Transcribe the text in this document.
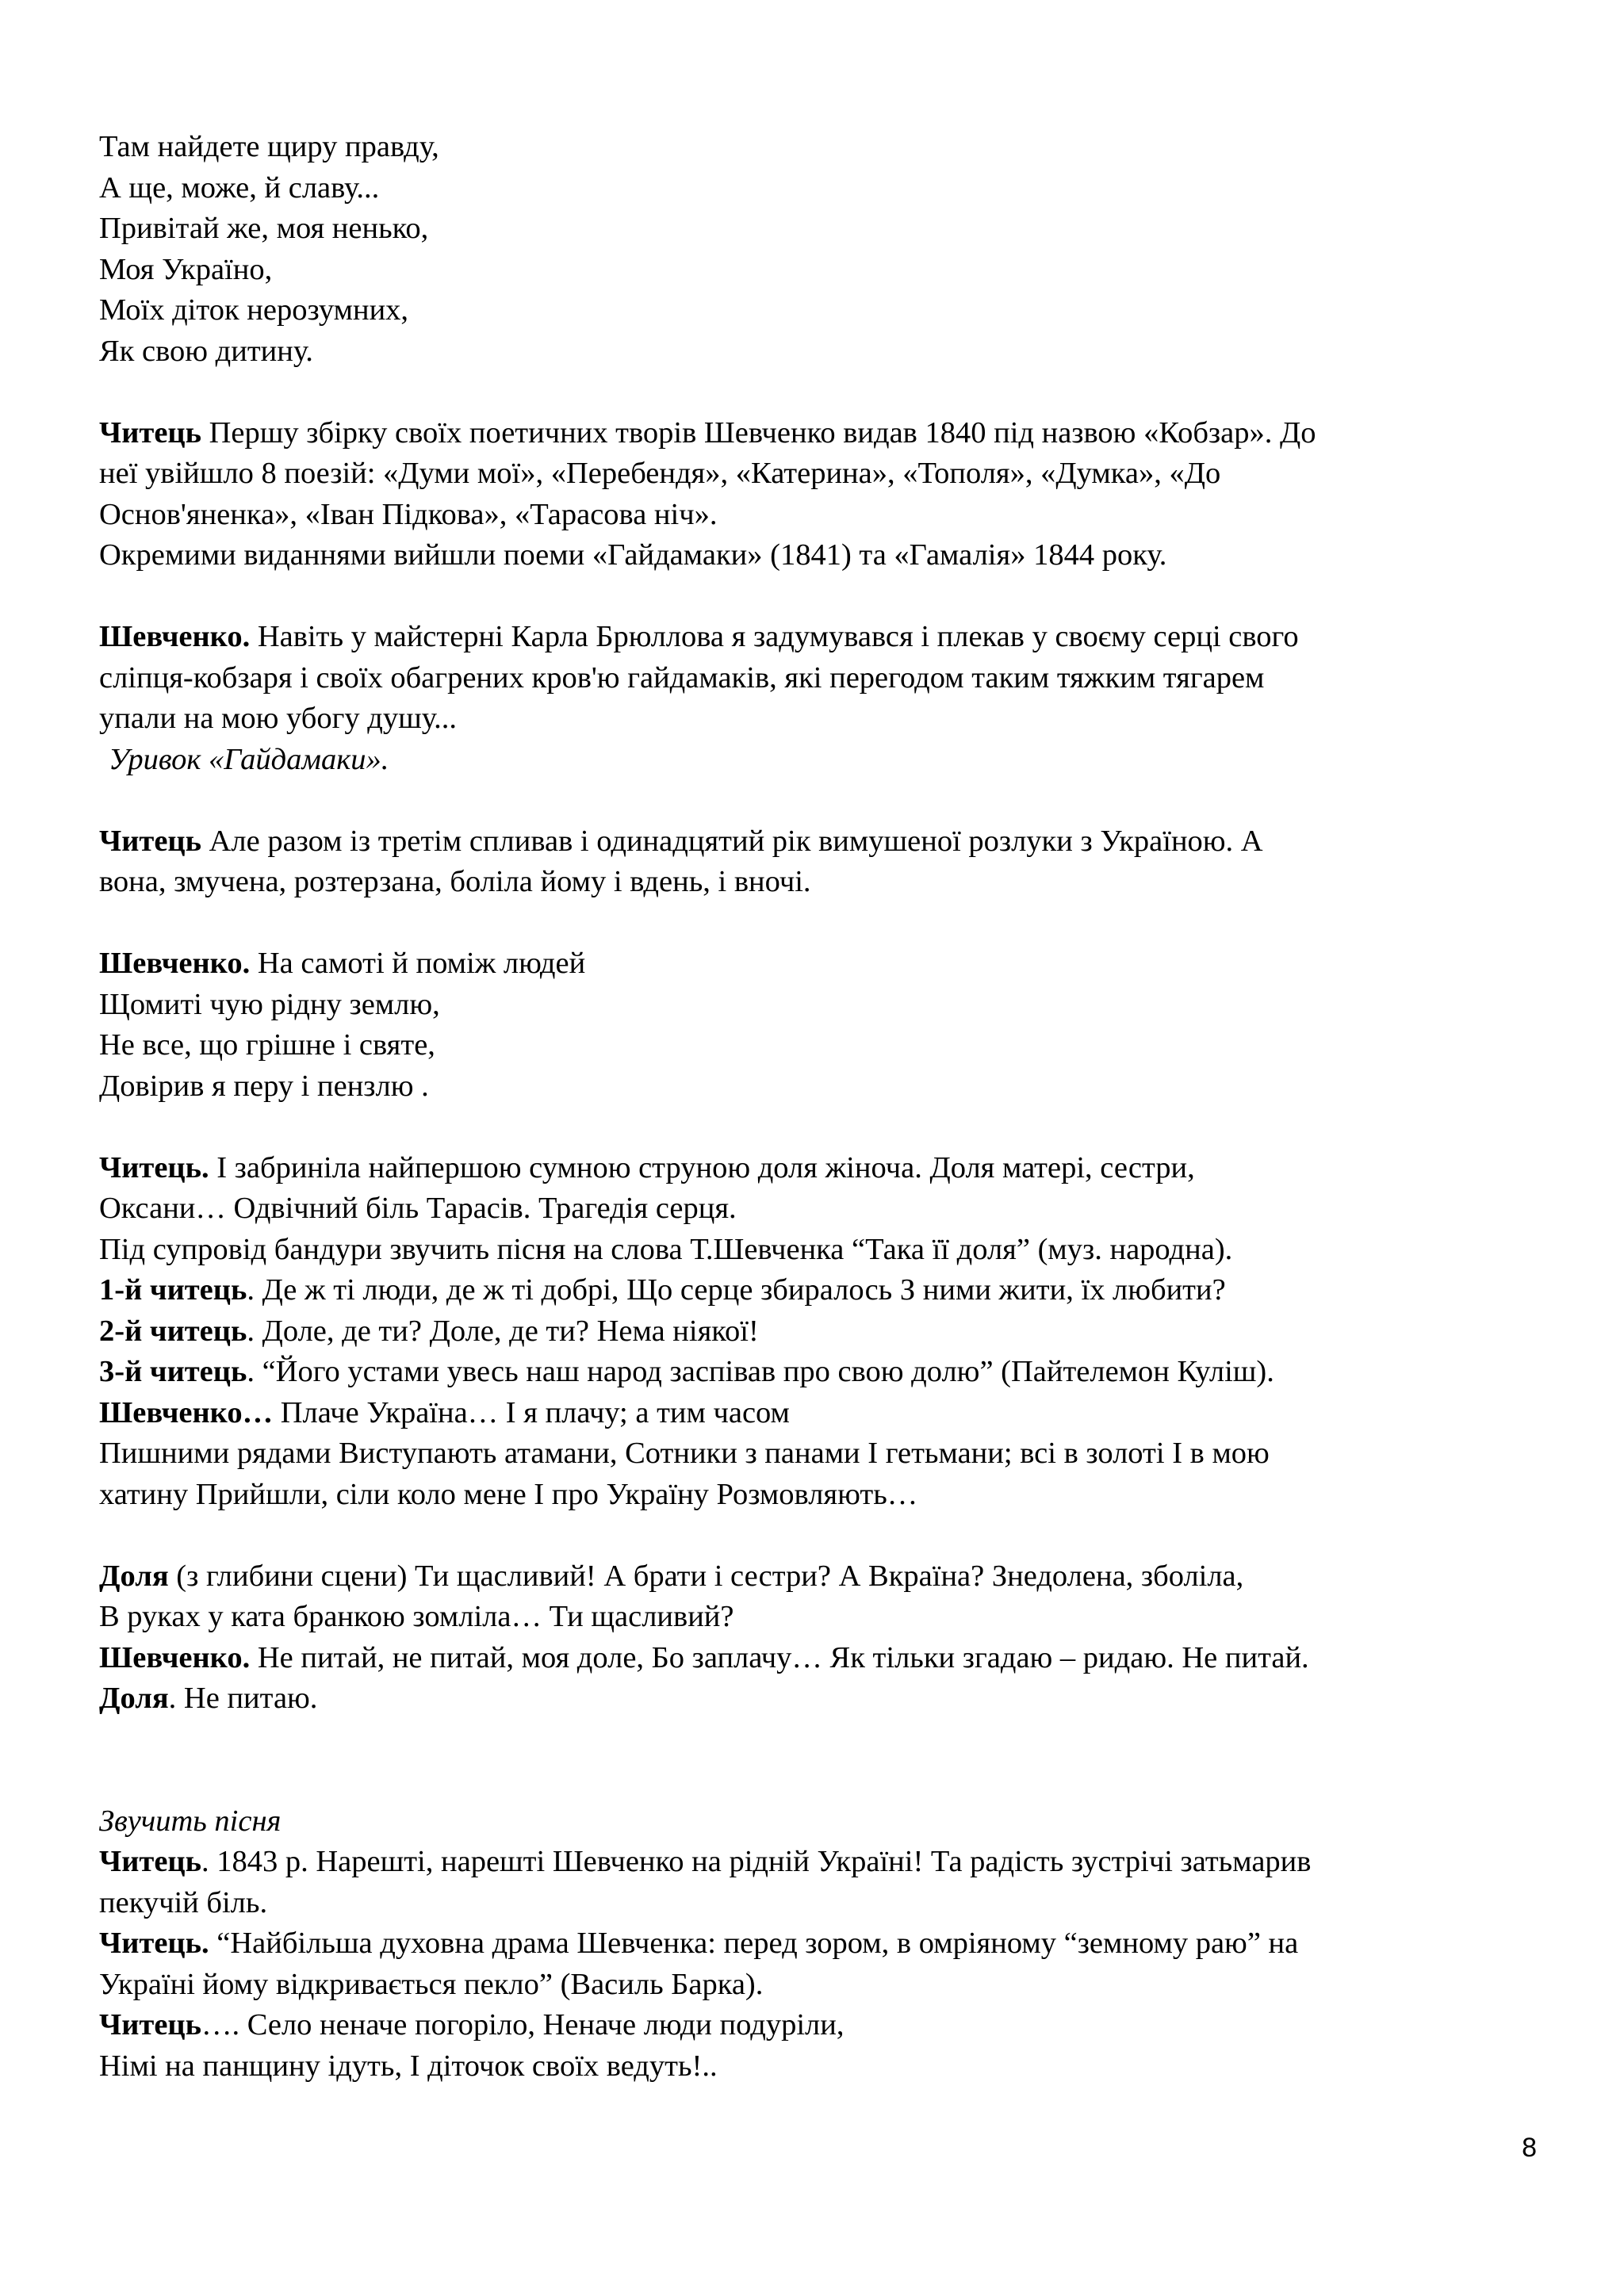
Там найдете щиру правду,
А ще, може, й славу...
Привітай же, моя ненько,
Моя Україно,
Моїх діток нерозумних,
Як свою дитину.
Читець Першу збірку своїх поетичних творів Шевченко видав 1840 під назвою «Кобзар». До
неї увійшло 8 поезій: «Думи мої», «Перебендя», «Катерина», «Тополя», «Думка», «До
Основ'яненка», «Іван Підкова», «Тарасова ніч».
Окремими виданнями вийшли поеми «Гайдамаки» (1841) та «Гамалія» 1844 року.
Шевченко. Навіть у майстерні Карла Брюллова я задумувався і плекав у своєму серці свого
сліпця-кобзаря і своїх обагрених кров'ю гайдамаків, які перегодом таким тяжким тягарем
упали на мою убогу душу...
Уривок «Гайдамаки».
Читець Але разом із третім спливав і одинадцятий рік вимушеної розлуки з Україною. А
вона, змучена, розтерзана, боліла йому і вдень, і вночі.
Шевченко. На самоті й поміж людей
Щомиті чую рідну землю,
Не все, що грішне і святе,
Довірив я перу і пензлю .
Читець. І забриніла найпершою сумною струною доля жіноча. Доля матері, сестри,
Оксани… Одвічний біль Тарасів. Трагедія серця.
Під супровід бандури звучить пісня на слова Т.Шевченка “Така її доля” (муз. народна).
1-й читець. Де ж ті люди, де ж ті добрі, Що серце збиралось З ними жити, їх любити?
2-й читець. Доле, де ти? Доле, де ти? Нема ніякої!
3-й читець. “Його устами увесь наш народ заспівав про свою долю” (Пайтелемон Куліш).
Шевченко… Плаче Україна… І я плачу; а тим часом
Пишними рядами Виступають атамани, Сотники з панами І гетьмани; всі в золоті І в мою
хатину Прийшли, сіли коло мене І про Україну Розмовляють…
Доля (з глибини сцени) Ти щасливий! А брати і сестри? А Вкраїна? Знедолена, зболіла,
В руках у ката бранкою зомліла… Ти щасливий?
Шевченко. Не питай, не питай, моя доле, Бо заплачу… Як тільки згадаю – ридаю. Не питай.
Доля. Не питаю.
Звучить пісня
Читець. 1843 р. Нарешті, нарешті Шевченко на рідній Україні! Та радість зустрічі затьмарив
пекучій біль.
Читець. “Найбільша духовна драма Шевченка: перед зором, в омріяному “земному раю” на
Україні йому відкривається пекло” (Василь Барка).
Читець…. Село неначе погоріло, Неначе люди подуріли,
Німі на панщину ідуть, І діточок своїх ведуть!..
8
